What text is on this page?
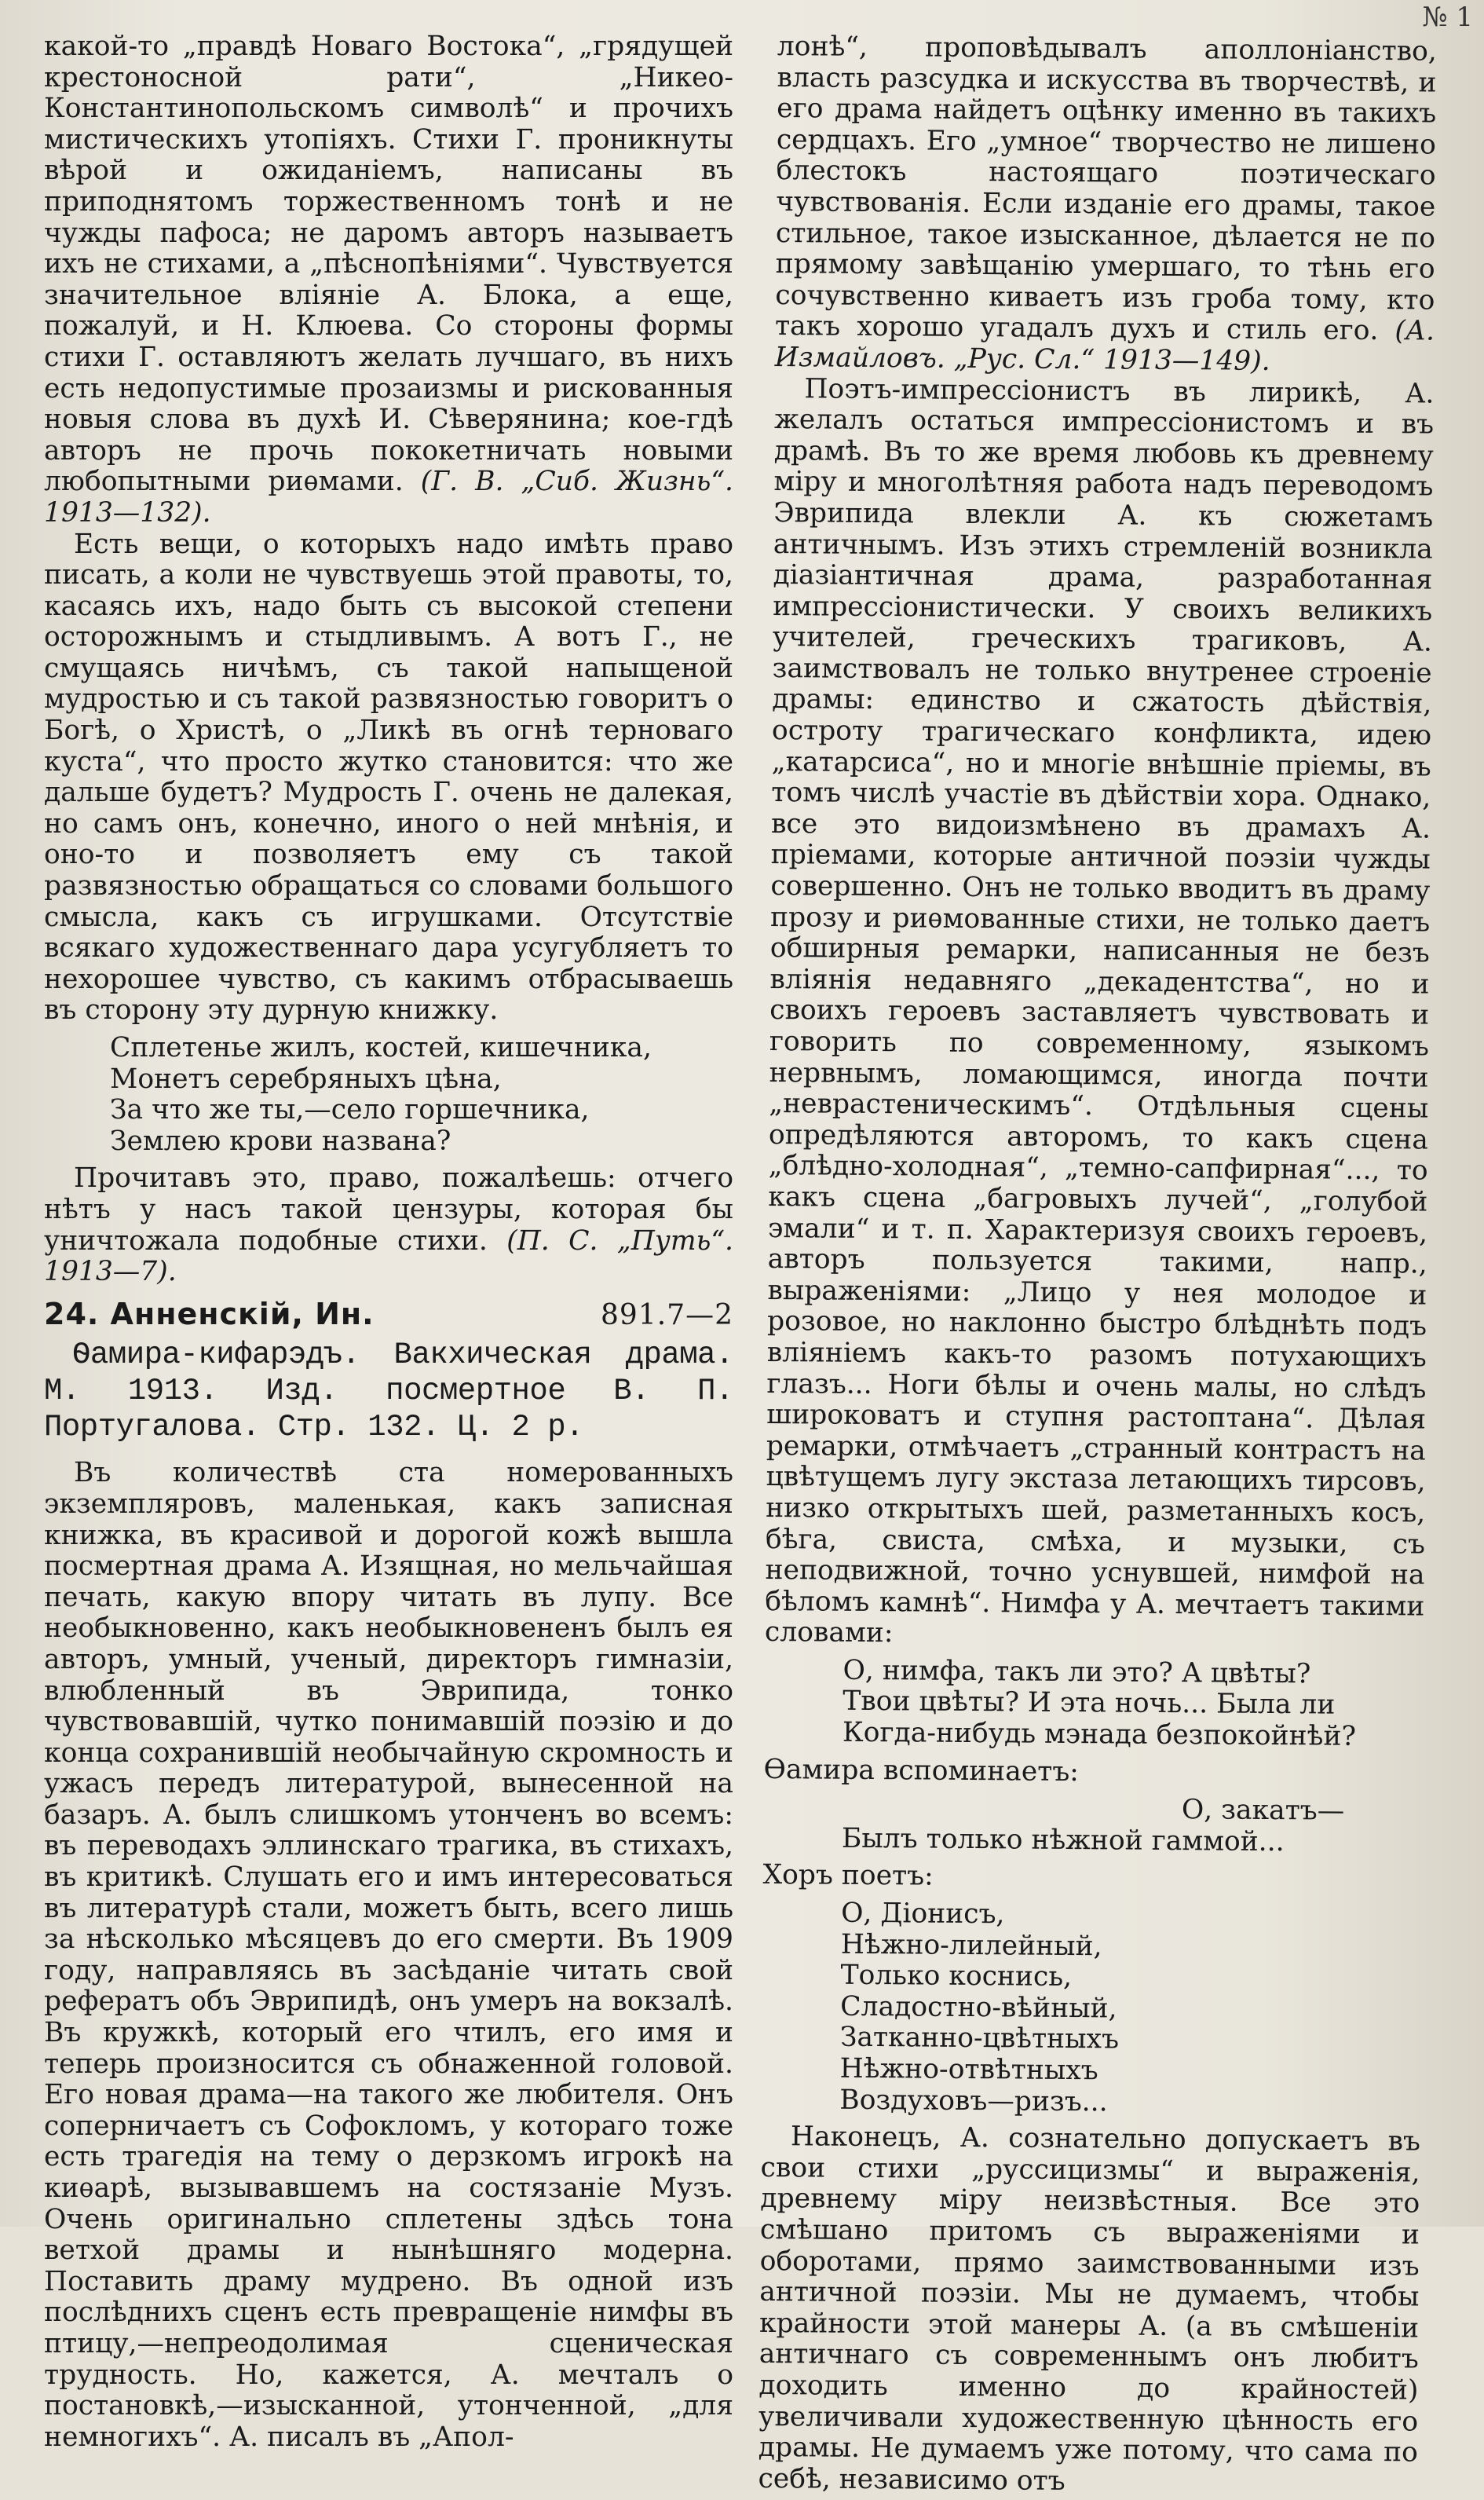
№ 1

какой-то „правдѣ Новаго Востока“, „грядущей крестоносной рати“, „Никео-Константинопольскомъ символѣ“ и прочихъ мистическихъ утопiяхъ. Стихи Г. проникнуты вѣрой и ожиданiемъ, написаны въ приподнятомъ торжественномъ тонѣ и не чужды пафоса; не даромъ авторъ называетъ ихъ не стихами, а „пѣснопѣнiями“. Чувствуется значительное влiянiе А. Блока, а еще, пожалуй, и Н. Клюева. Со стороны формы стихи Г. оставляютъ желать лучшаго, въ нихъ есть недопустимые прозаизмы и рискованныя новыя слова въ духѣ И. Сѣверянина; кое-гдѣ авторъ не прочь пококетничать новыми любопытными риѳмами. (Г. В. „Сиб. Жизнь“. 1913—132).

Есть вещи, о которыхъ надо имѣть право писать, а коли не чувствуешь этой правоты, то, касаясь ихъ, надо быть съ высокой степени осторожнымъ и стыдливымъ. А вотъ Г., не смущаясь ничѣмъ, съ такой напыщеной мудростью и съ такой развязностью говоритъ о Богѣ, о Христѣ, о „Ликѣ въ огнѣ терноваго куста“, что просто жутко становится: что же дальше будетъ? Мудрость Г. очень не далекая, но самъ онъ, конечно, иного о ней мнѣнiя, и оно-то и позволяетъ ему съ такой развязностью обращаться со словами большого смысла, какъ съ игрушками. Отсутствiе всякаго художественнаго дара усугубляетъ то нехорошее чувство, съ какимъ отбрасываешь въ сторону эту дурную книжку.

Сплетенье жилъ, костей, кишечника,
Монетъ серебряныхъ цѣна,
За что же ты,—село горшечника,
Землею крови названа?

Прочитавъ это, право, пожалѣешь: отчего нѣтъ у насъ такой цензуры, которая бы уничтожала подобные стихи. (П. С. „Путь“. 1913—7).

24. Анненскiй, Ин.	891.7—2

Ѳамира-кифарэдъ. Вакхическая драма. М. 1913. Изд. посмертное В. П. Португалова. Стр. 132. Ц. 2 р.

Въ количествѣ ста номерованныхъ экземпляровъ, маленькая, какъ записная книжка, въ красивой и дорогой кожѣ вышла посмертная драма А. Изящная, но мельчайшая печать, какую впору читать въ лупу. Все необыкновенно, какъ необыкновененъ былъ ея авторъ, умный, ученый, директоръ гимназiи, влюбленный въ Эврипида, тонко чувствовавшiй, чутко понимавшiй поэзiю и до конца сохранившiй необычайную скромность и ужасъ передъ литературой, вынесенной на базаръ. А. былъ слишкомъ утонченъ во всемъ: въ переводахъ эллинскаго трагика, въ стихахъ, въ критикѣ. Слушать его и имъ интересоваться въ литературѣ стали, можетъ быть, всего лишь за нѣсколько мѣсяцевъ до его смерти. Въ 1909 году, направляясь въ засѣданiе читать свой рефератъ объ Эврипидѣ, онъ умеръ на вокзалѣ. Въ кружкѣ, который его чтилъ, его имя и теперь произносится съ обнаженной головой. Его новая драма—на такого же любителя. Онъ соперничаетъ съ Софокломъ, у котораго тоже есть трагедiя на тему о дерзкомъ игрокѣ на киѳарѣ, вызывавшемъ на состязанiе Музъ. Очень оригинально сплетены здѣсь тона ветхой драмы и нынѣшняго модерна. Поставить драму мудрено. Въ одной изъ послѣднихъ сценъ есть превращенiе нимфы въ птицу,—непреодолимая сценическая трудность. Но, кажется, А. мечталъ о постановкѣ,—изысканной, утонченной, „для немногихъ“. А. писалъ въ „Апол-

лонѣ“, проповѣдывалъ аполлонiанство, власть разсудка и искусства въ творчествѣ, и его драма найдетъ оцѣнку именно въ такихъ сердцахъ. Его „умное“ творчество не лишено блестокъ настоящаго поэтическаго чувствованiя. Если изданiе его драмы, такое стильное, такое изысканное, дѣлается не по прямому завѣщанiю умершаго, то тѣнь его сочувственно киваетъ изъ гроба тому, кто такъ хорошо угадалъ духъ и стиль его. (А. Измайловъ. „Рус. Сл.“ 1913—149).

Поэтъ-импрессiонистъ въ лирикѣ, А. желалъ остаться импрессiонистомъ и въ драмѣ. Въ то же время любовь къ древнему мiру и многолѣтняя работа надъ переводомъ Эврипида влекли А. къ сюжетамъ античнымъ. Изъ этихъ стремленiй возникла дiазiантичная драма, разработанная импрессiонистически. У своихъ великихъ учителей, греческихъ трагиковъ, А. заимствовалъ не только внутренее строенiе драмы: единство и сжатость дѣйствiя, остроту трагическаго конфликта, идею „катарсиса“, но и многiе внѣшнiе прiемы, въ томъ числѣ участiе въ дѣйствiи хора. Однако, все это видоизмѣнено въ драмахъ А. прiемами, которые античной поэзiи чужды совершенно. Онъ не только вводитъ въ драму прозу и риѳмованные стихи, не только даетъ обширныя ремарки, написанныя не безъ влiянiя недавняго „декадентства“, но и своихъ героевъ заставляетъ чувствовать и говорить по современному, языкомъ нервнымъ, ломающимся, иногда почти „неврастеническимъ“. Отдѣльныя сцены опредѣляются авторомъ, то какъ сцена „блѣдно-холодная“, „темно-сапфирная“..., то какъ сцена „багровыхъ лучей“, „голубой эмали“ и т. п. Характеризуя своихъ героевъ, авторъ пользуется такими, напр., выраженiями: „Лицо у нея молодое и розовое, но наклонно быстро блѣднѣть подъ влiянiемъ какъ-то разомъ потухающихъ глазъ... Ноги бѣлы и очень малы, но слѣдъ широковатъ и ступня растоптана“. Дѣлая ремарки, отмѣчаетъ „странный контрастъ на цвѣтущемъ лугу экстаза летающихъ тирсовъ, низко открытыхъ шей, разметанныхъ косъ, бѣга, свиста, смѣха, и музыки, съ неподвижной, точно уснувшей, нимфой на бѣломъ камнѣ“. Нимфа у А. мечтаетъ такими словами:

О, нимфа, такъ ли это? А цвѣты?
Твои цвѣты? И эта ночь... Была ли
Когда-нибудь мэнада безпокойнѣй?

Ѳамира вспоминаетъ:

О, закатъ—
Былъ только нѣжной гаммой...

Хоръ поетъ:

О, Дiонисъ,
Нѣжно-лилейный,
Только коснись,
Сладостно-вѣйный,
Затканно-цвѣтныхъ
Нѣжно-отвѣтныхъ
Воздуховъ—ризъ...

Наконецъ, А. сознательно допускаетъ въ свои стихи „руссицизмы“ и выраженiя, древнему мiру неизвѣстныя. Все это смѣшано притомъ съ выраженiями и оборотами, прямо заимствованными изъ античной поэзiи. Мы не думаемъ, чтобы крайности этой манеры А. (а въ смѣшенiи античнаго съ современнымъ онъ любитъ доходить именно до крайностей) увеличивали художественную цѣнность его драмы. Не думаемъ уже потому, что сама по себѣ, независимо отъ
